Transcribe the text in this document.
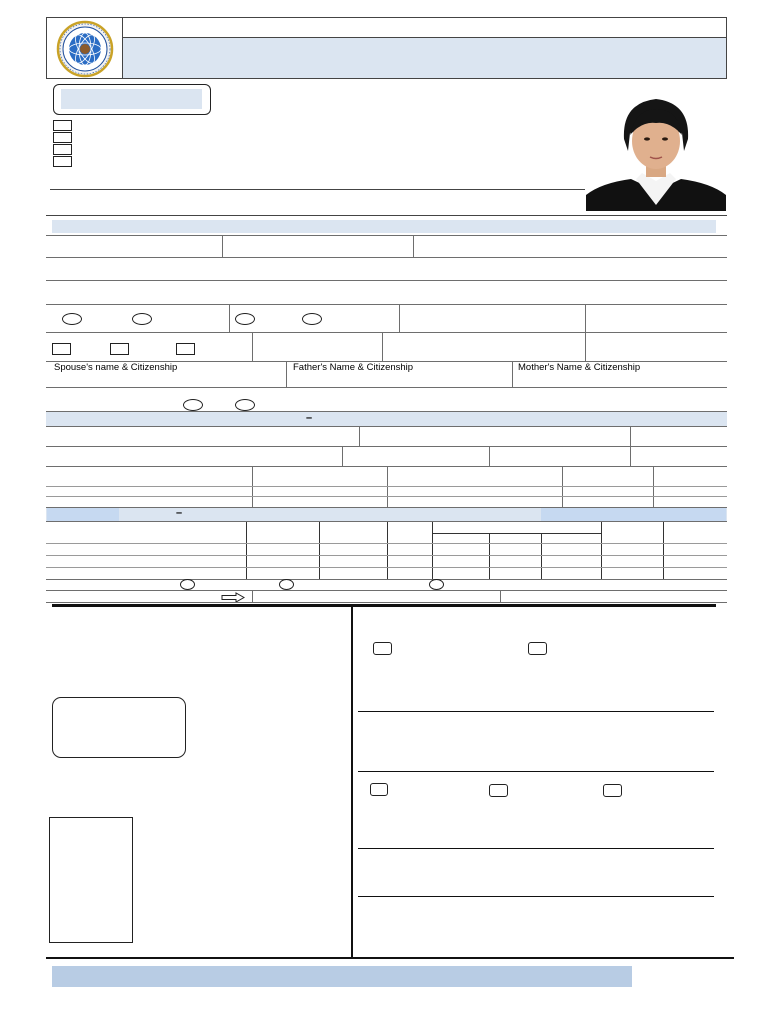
Spouse's name & Citizenship	Father's Name & Citizenship	Mother's Name & Citizenship
–
–
